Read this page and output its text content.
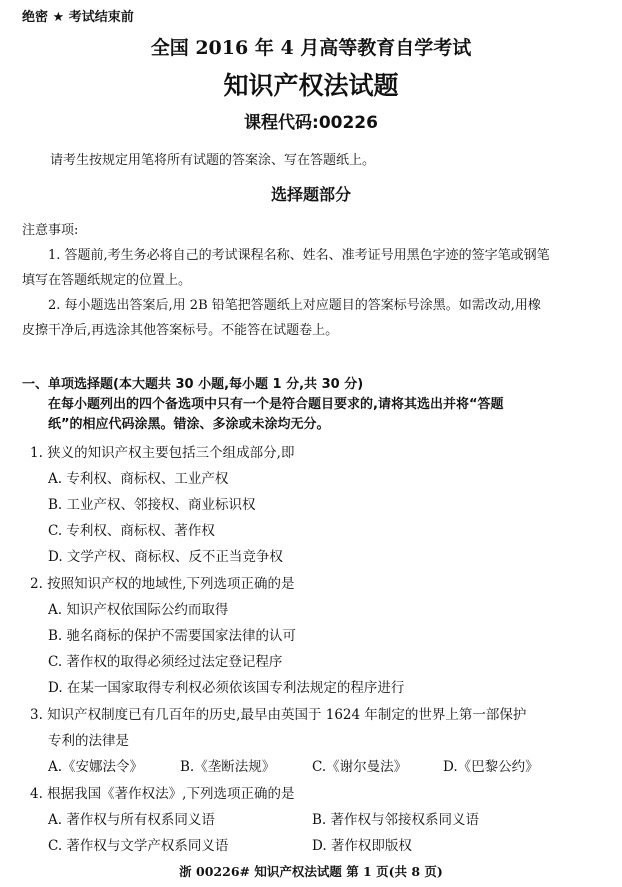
绝密 ★ 考试结束前
全国 2016 年 4 月高等教育自学考试
知识产权法试题
课程代码:00226
请考生按规定用笔将所有试题的答案涂、写在答题纸上。
选择题部分
注意事项:
1. 答题前,考生务必将自己的考试课程名称、姓名、准考证号用黑色字迹的签字笔或钢笔
填写在答题纸规定的位置上。
2. 每小题选出答案后,用 2B 铅笔把答题纸上对应题目的答案标号涂黑。如需改动,用橡
皮擦干净后,再选涂其他答案标号。不能答在试题卷上。
一、单项选择题(本大题共 30 小题,每小题 1 分,共 30 分)
在每小题列出的四个备选项中只有一个是符合题目要求的,请将其选出并将“答题
纸”的相应代码涂黑。错涂、多涂或未涂均无分。
1. 狭义的知识产权主要包括三个组成部分,即
A. 专利权、商标权、工业产权
B. 工业产权、邻接权、商业标识权
C. 专利权、商标权、著作权
D. 文学产权、商标权、反不正当竞争权
2. 按照知识产权的地域性,下列选项正确的是
A. 知识产权依国际公约而取得
B. 驰名商标的保护不需要国家法律的认可
C. 著作权的取得必须经过法定登记程序
D. 在某一国家取得专利权必须依该国专利法规定的程序进行
3. 知识产权制度已有几百年的历史,最早由英国于 1624 年制定的世界上第一部保护
专利的法律是
A.《安娜法令》	B.《垄断法规》	C.《谢尔曼法》	D.《巴黎公约》
4. 根据我国《著作权法》,下列选项正确的是
A. 著作权与所有权系同义语	B. 著作权与邻接权系同义语
C. 著作权与文学产权系同义语	D. 著作权即版权
浙 00226# 知识产权法试题 第 1 页(共 8 页)
